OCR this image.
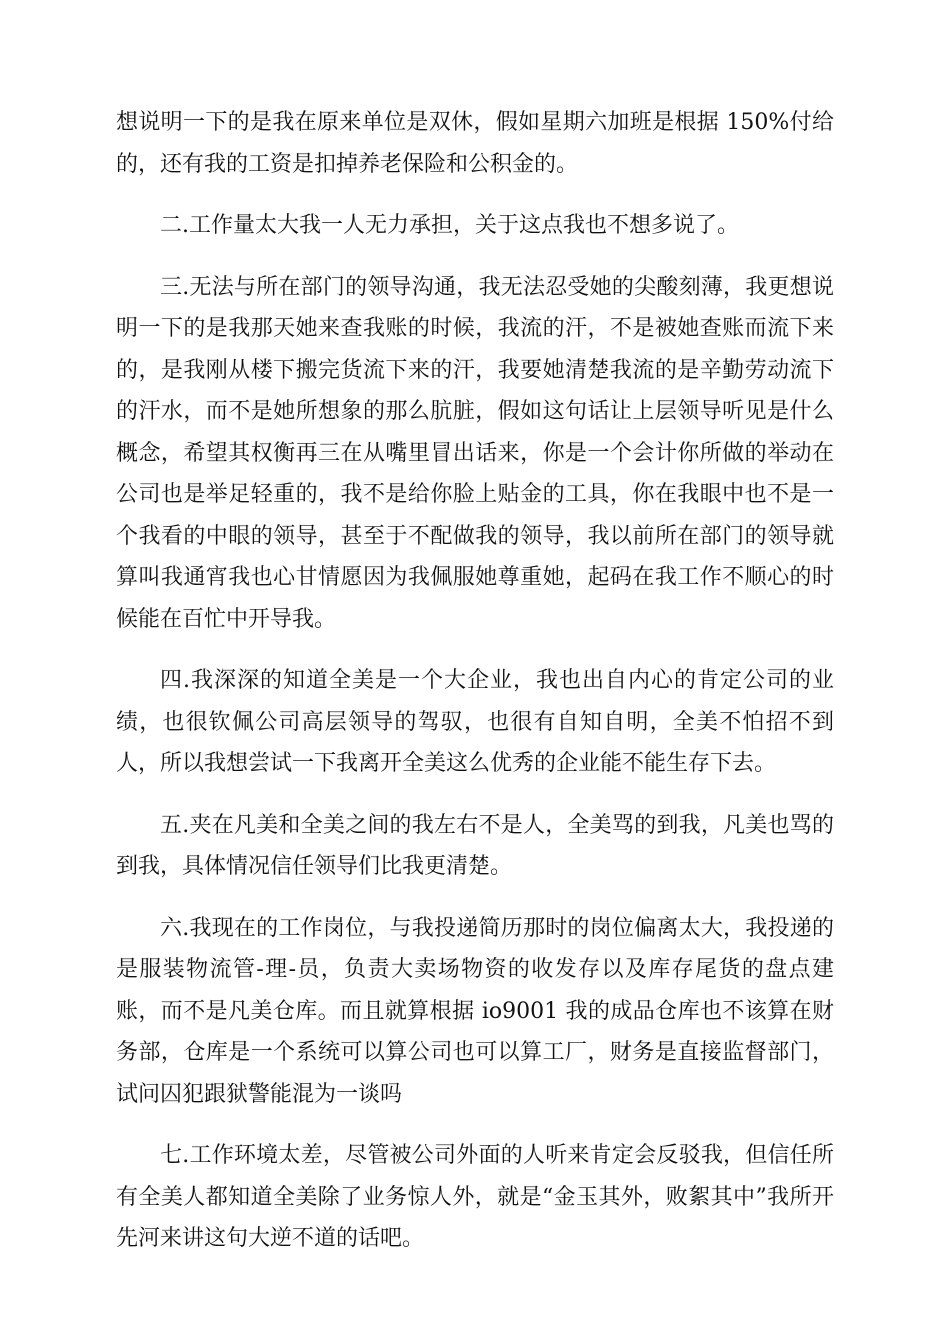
想说明一下的是我在原来单位是双休，假如星期六加班是根据 150%付给的，还有我的工资是扣掉养老保险和公积金的。

二.工作量太大我一人无力承担，关于这点我也不想多说了。

三.无法与所在部门的领导沟通，我无法忍受她的尖酸刻薄，我更想说明一下的是我那天她来查我账的时候，我流的汗，不是被她查账而流下来的，是我刚从楼下搬完货流下来的汗，我要她清楚我流的是辛勤劳动流下的汗水，而不是她所想象的那么肮脏，假如这句话让上层领导听见是什么概念，希望其权衡再三在从嘴里冒出话来，你是一个会计你所做的举动在公司也是举足轻重的，我不是给你脸上贴金的工具，你在我眼中也不是一个我看的中眼的领导，甚至于不配做我的领导，我以前所在部门的领导就算叫我通宵我也心甘情愿因为我佩服她尊重她，起码在我工作不顺心的时候能在百忙中开导我。

四.我深深的知道全美是一个大企业，我也出自内心的肯定公司的业绩，也很钦佩公司高层领导的驾驭，也很有自知自明，全美不怕招不到人，所以我想尝试一下我离开全美这么优秀的企业能不能生存下去。

五.夹在凡美和全美之间的我左右不是人，全美骂的到我，凡美也骂的到我，具体情况信任领导们比我更清楚。

六.我现在的工作岗位，与我投递简历那时的岗位偏离太大，我投递的是服装物流管-理-员，负责大卖场物资的收发存以及库存尾货的盘点建账，而不是凡美仓库。而且就算根据 io9001 我的成品仓库也不该算在财务部，仓库是一个系统可以算公司也可以算工厂，财务是直接监督部门，试问囚犯跟狱警能混为一谈吗

七.工作环境太差，尽管被公司外面的人听来肯定会反驳我，但信任所有全美人都知道全美除了业务惊人外，就是“金玉其外，败絮其中”我所开先河来讲这句大逆不道的话吧。
